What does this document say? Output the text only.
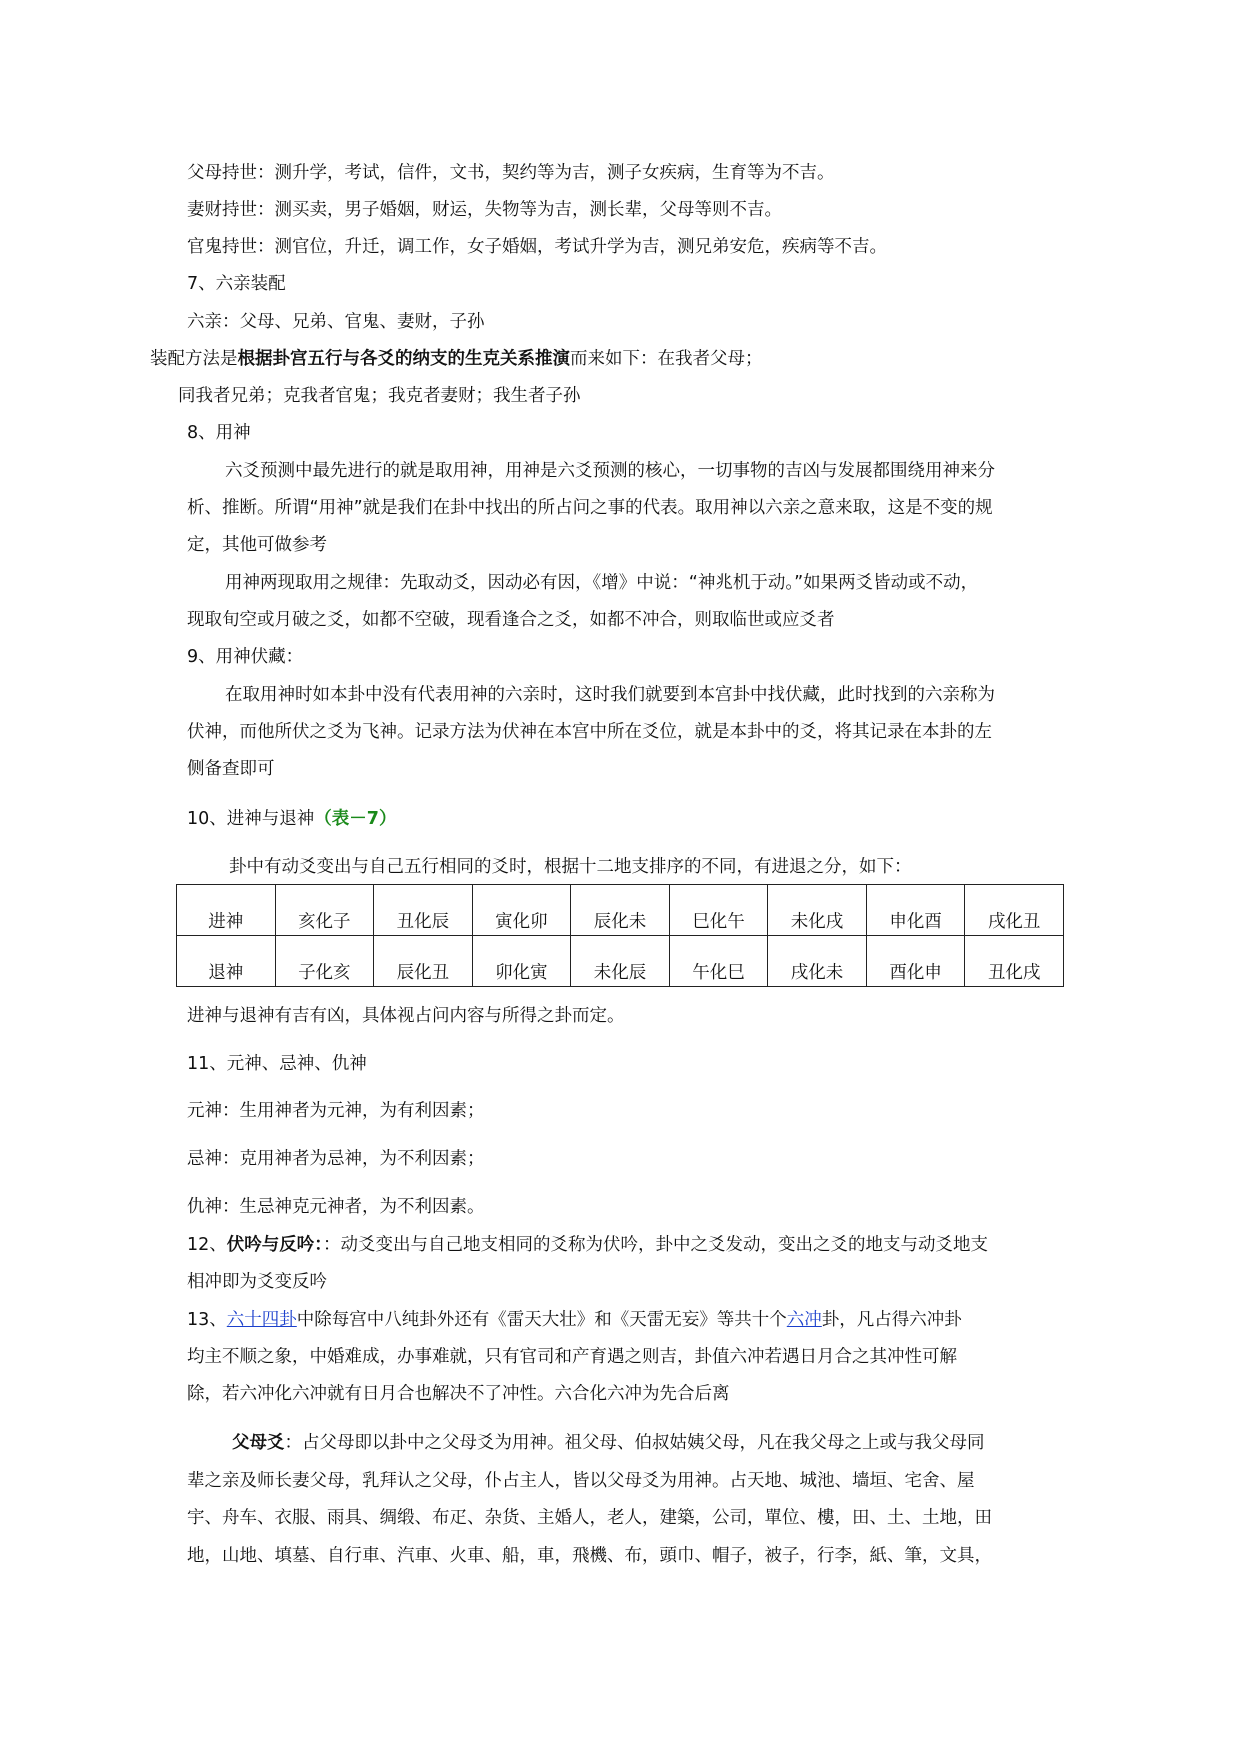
父母持世：测升学，考试，信件，文书，契约等为吉，测子女疾病，生育等为不吉。
妻财持世：测买卖，男子婚姻，财运，失物等为吉，测长辈，父母等则不吉。
官鬼持世：测官位，升迁，调工作，女子婚姻，考试升学为吉，测兄弟安危，疾病等不吉。
7、六亲装配
六亲：父母、兄弟、官鬼、妻财，子孙
装配方法是根据卦宫五行与各爻的纳支的生克关系推演而来如下：在我者父母；
同我者兄弟；克我者官鬼；我克者妻财；我生者子孙
8、用神
六爻预测中最先进行的就是取用神，用神是六爻预测的核心，一切事物的吉凶与发展都围绕用神来分
析、推断。所谓“用神”就是我们在卦中找出的所占问之事的代表。取用神以六亲之意来取，这是不变的规
定，其他可做参考
用神两现取用之规律：先取动爻，因动必有因，《增》中说：“神兆机于动。”如果两爻皆动或不动，
现取旬空或月破之爻，如都不空破，现看逢合之爻，如都不冲合，则取临世或应爻者
9、用神伏藏：
在取用神时如本卦中没有代表用神的六亲时，这时我们就要到本宫卦中找伏藏，此时找到的六亲称为
伏神，而他所伏之爻为飞神。记录方法为伏神在本宫中所在爻位，就是本卦中的爻，将其记录在本卦的左
侧备查即可
10、进神与退神（表－7）
卦中有动爻变出与自己五行相同的爻时，根据十二地支排序的不同，有进退之分，如下：
进神	亥化子	丑化辰	寅化卯	辰化未	巳化午	未化戌	申化酉	戌化丑
退神	子化亥	辰化丑	卯化寅	未化辰	午化巳	戌化未	酉化申	丑化戌
进神与退神有吉有凶，具体视占问内容与所得之卦而定。
11、元神、忌神、仇神
元神：生用神者为元神，为有利因素；
忌神：克用神者为忌神，为不利因素；
仇神：生忌神克元神者，为不利因素。
12、伏吟与反吟：：动爻变出与自己地支相同的爻称为伏吟，卦中之爻发动，变出之爻的地支与动爻地支
相冲即为爻变反吟
13、六十四卦中除每宫中八纯卦外还有《雷天大壮》和《天雷无妄》等共十个六冲卦，凡占得六冲卦
均主不顺之象，中婚难成，办事难就，只有官司和产育遇之则吉，卦值六冲若遇日月合之其冲性可解
除，若六冲化六冲就有日月合也解决不了冲性。六合化六冲为先合后离
父母爻：占父母即以卦中之父母爻为用神。祖父母、伯叔姑姨父母，凡在我父母之上或与我父母同
辈之亲及师长妻父母，乳拜认之父母，仆占主人，皆以父母爻为用神。占天地、城池、墙垣、宅舍、屋
宇、舟车、衣服、雨具、绸缎、布疋、杂货、主婚人，老人，建築，公司，單位、樓，田、土、土地，田
地，山地、填墓、自行車、汽車、火車、船，車，飛機、布，頭巾、帽子，被子，行李，紙、筆，文具，
